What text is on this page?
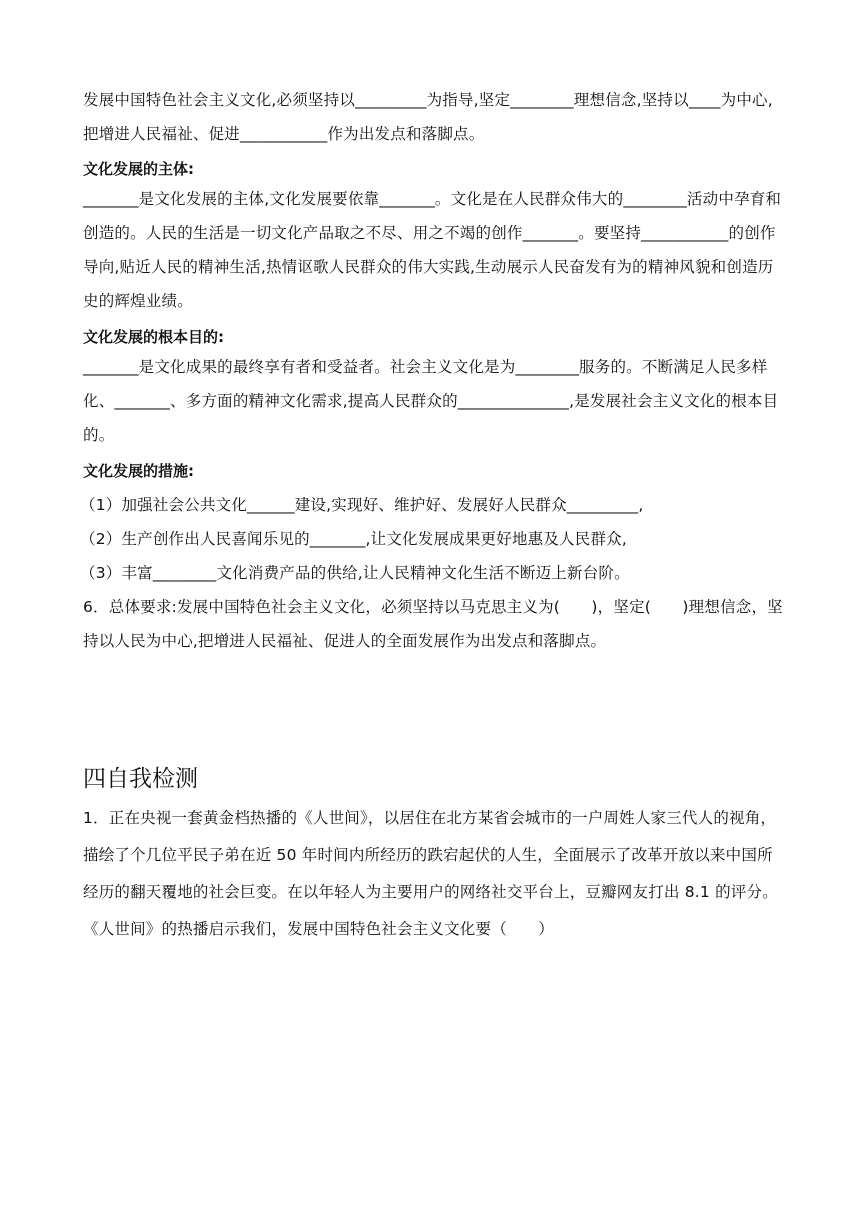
发展中国特色社会主义文化,必须坚持以_________为指导,坚定________理想信念,坚持以____为中心,把增进人民福祉、促进___________作为出发点和落脚点。

文化发展的主体:

_______是文化发展的主体,文化发展要依靠_______。文化是在人民群众伟大的________活动中孕育和创造的。人民的生活是一切文化产品取之不尽、用之不竭的创作_______。要坚持___________的创作导向,贴近人民的精神生活,热情讴歌人民群众的伟大实践,生动展示人民奋发有为的精神风貌和创造历史的辉煌业绩。

文化发展的根本目的:

_______是文化成果的最终享有者和受益者。社会主义文化是为________服务的。不断满足人民多样化、_______、多方面的精神文化需求,提高人民群众的______________,是发展社会主义文化的根本目的。

文化发展的措施:

（1）加强社会公共文化______建设,实现好、维护好、发展好人民群众_________,

（2）生产创作出人民喜闻乐见的_______,让文化发展成果更好地惠及人民群众,

（3）丰富________文化消费产品的供给,让人民精神文化生活不断迈上新台阶。

6．总体要求:发展中国特色社会主义文化，必须坚持以马克思主义为(　　)，坚定(　　)理想信念，坚持以人民为中心,把增进人民福祉、促进人的全面发展作为出发点和落脚点。

四自我检测

1．正在央视一套黄金档热播的《人世间》，以居住在北方某省会城市的一户周姓人家三代人的视角，描绘了个几位平民子弟在近 50 年时间内所经历的跌宕起伏的人生，全面展示了改革开放以来中国所经历的翻天覆地的社会巨变。在以年轻人为主要用户的网络社交平台上，豆瓣网友打出 8.1 的评分。《人世间》的热播启示我们，发展中国特色社会主义文化要（　　）
